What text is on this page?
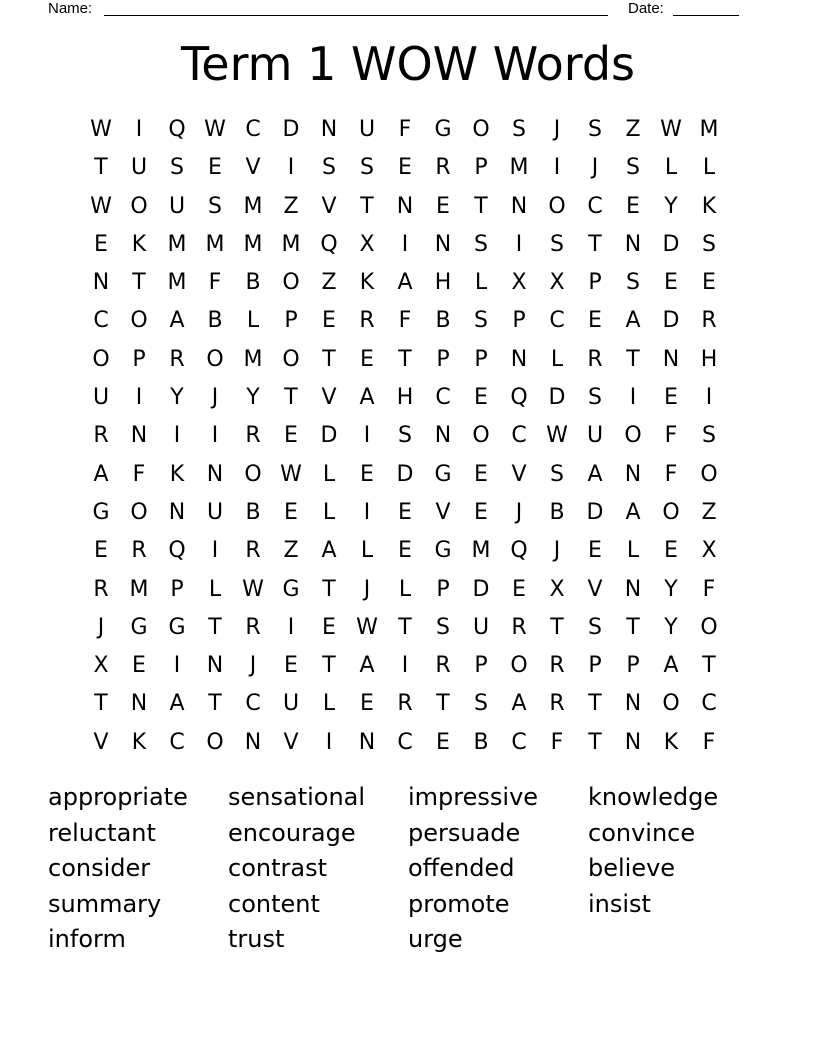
Name:	Date:
Term 1 WOW Words
W	I	Q W C D N U	F	G O	S	J	S	Z W M
T	U	S	E	V	I	S	S	E	R	P M	I	J	S	L	L
W O U	S M Z	V	T	N	E	T	N O C	E	Y	K
E	K M M M M Q X	I	N	S	I	S	T	N D	S
N	T M	F	B O Z	K	A	H	L	X	X	P	S	E	E
C O A	B	L	P	E	R	F	B	S	P	C	E	A D R
O	P	R O M O	T	E	T	P	P	N	L	R	T	N H
U	I	Y	J	Y	T	V	A	H	C	E	Q D	S	I	E	I
R	N	I	I	R	E	D	I	S	N O C W U O	F	S
A	F	K	N O W L	E	D G	E	V	S	A	N	F	O
G O N U	B	E	L	I	E	V	E	J	B D	A O Z
E	R Q	I	R	Z	A	L	E	G M Q	J	E	L	E	X
R M P	L W G	T	J	L	P	D	E	X	V	N	Y	F
J	G G	T	R	I	E W T	S	U	R	T	S	T	Y	O
X	E	I	N	J	E	T	A	I	R	P	O R	P	P	A	T
T	N	A	T	C	U	L	E	R	T	S	A	R	T	N O C
V	K	C O N	V	I	N	C	E	B	C	F	T	N	K	F
appropriate	sensational	impressive	knowledge
reluctant	encourage	persuade	convince
consider	contrast	offended	believe
summary	content	promote	insist
inform	trust	urge
